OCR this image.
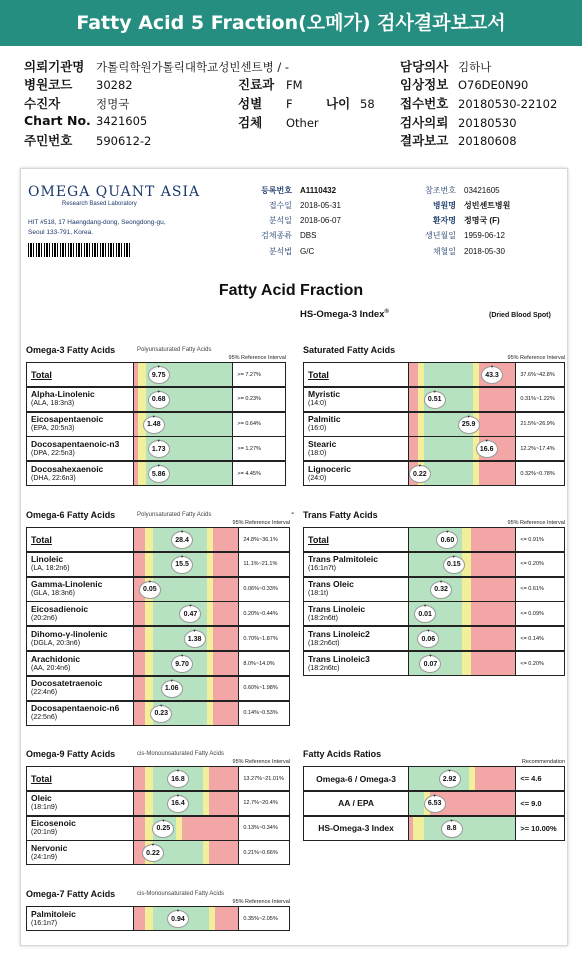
Fatty Acid 5 Fraction(오메가) 검사결과보고서
의뢰기관명 가톨릭학원가톨릭대학교성빈센트병 / -
병원코드 30282
수진자	정명국
Chart No. 3421605
주민번호 590612-2
진료과 FM
성별 F
검체 Other
나이 58
담당의사 김하나
임상정보 O76DE0N90
접수번호 20180530-22102
검사의뢰 20180530
결과보고 20180608
OMEGA QUANT ASIA
Research Based Laboratory
HIT #518, 17 Haengdang-dong, Seongdong-gu,
Seoul 133-791, Korea.
등록번호 A1110432
접수일 2018-05-31
분석일 2018-06-07
검체종류 DBS
분석법 G/C
참조번호 03421605
병원명 성빈센트병원
환자명 정명국 (F)
생년월일 1959-06-12
채혈일 2018-05-30
Fatty Acid Fraction
HS-Omega-3 Index®	(Dried Blood Spot)
-
Omega-3 Fatty Acids	Polyunsaturated Fatty Acids
95% Reference Interval
Total	▼ 9.75	>= 7.27%
Alpha-Linolenic
(ALA, 18:3n3)
▼ 0.68	>= 0.23%
Eicosapentaenoic
(EPA, 20:5n3)
▼ 1.48	>= 0.64%
Docosapentaenoic-n3
(DPA, 22:5n3)
▼ 1.73	>= 1.27%
Docosahexaenoic
(DHA, 22:6n3)
▼ 5.86	>= 4.45%
Saturated Fatty Acids
95% Reference Interval
Total	▼ 43.3	37.6%~42.8%
Myristic
(14:0)
▼ 0.51	0.31%~1.22%
Palmitic
(16:0)
▼ 25.9	21.5%~26.9%
Stearic
(18:0)
▼ 16.6	12.2%~17.4%
Lignoceric
(24:0)
▼ 0.22	0.32%~0.78%
Omega-6 Fatty Acids	Polyunsaturated Fatty Acids
95% Reference Interval
Total	▼ 28.4	24.8%~36.1%
Linoleic
(LA, 18:2n6)
▼ 15.5	11.1%~21.1%
Gamma-Linolenic
(GLA, 18:3n6)
▼ 0.05	0.06%~0.33%
Eicosadienoic
(20:2n6)
▼ 0.47	0.20%~0.44%
Dihomo-γ-linolenic
(DGLA, 20:3n6)
▼ 1.38	0.70%~1.87%
Arachidonic
(AA, 20:4n6)
▼ 9.70	8.0%~14.0%
Docosatetraenoic
(22:4n6)
▼ 1.06	0.60%~1.98%
Docosapentaenoic-n6
(22:5n6)
▼ 0.23	0.14%~0.53%
Trans Fatty Acids
95% Reference Interval
Total	▼ 0.60	<= 0.91%
Trans Palmitoleic
(16:1n7t)
▼ 0.15	<= 0.20%
Trans Oleic
(18:1t)
▼ 0.32	<= 0.61%
Trans Linoleic
(18:2n6tt)
▼ 0.01	<= 0.09%
Trans Linoleic2
(18:2n6ct)
▼ 0.06	<= 0.14%
Trans Linoleic3
(18:2n6tc)
▼ 0.07	<= 0.20%
Omega-9 Fatty Acids	cis-Monounsaturated Fatty Acids
95% Reference Interval
Total	▼ 16.8	13.27%~21.01%
Oleic
(18:1n9)
▼ 16.4	12.7%~20.4%
Eicosenoic
(20:1n9)
▼ 0.25	0.13%~0.34%
Nervonic
(24:1n9)
▼ 0.22	0.21%~0.66%
Fatty Acids Ratios
Recommendation
Omega-6 / Omega-3	▼ 2.92	<= 4.6
AA / EPA	▼ 6.53	<= 9.0
HS-Omega-3 Index	▼ 8.8	>= 10.00%
Omega-7 Fatty Acids	cis-Monounsaturated Fatty Acids
95% Reference Interval
Palmitoleic
(16:1n7)
▼ 0.94	0.35%~2.05%
